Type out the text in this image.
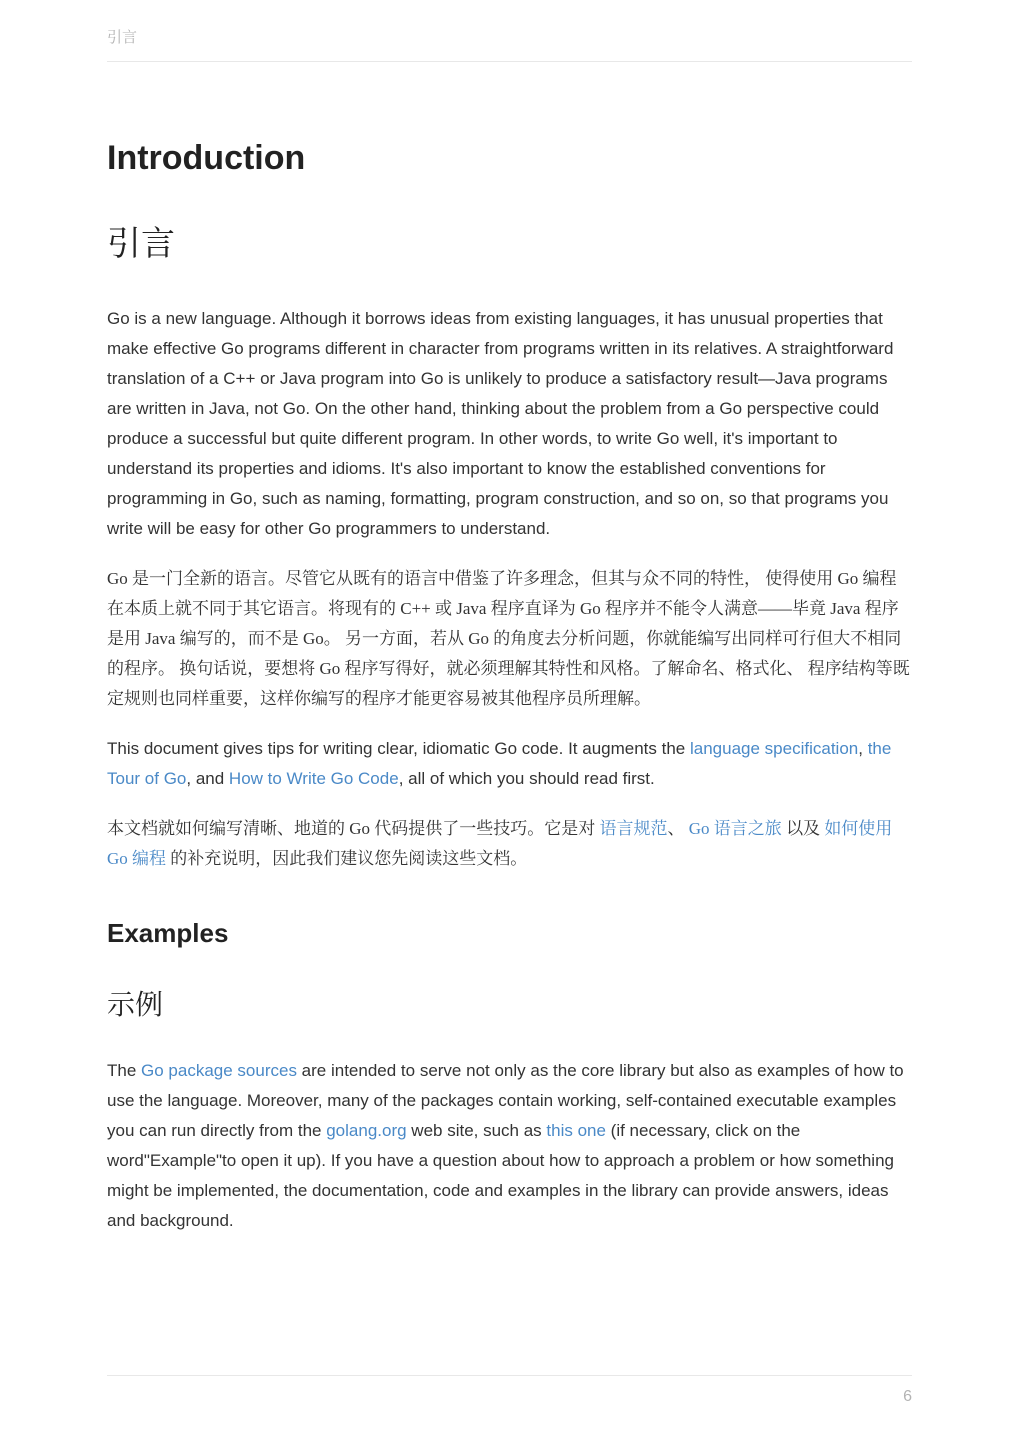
引言
Introduction
引言

Go is a new language. Although it borrows ideas from existing languages, it has unusual properties that make effective Go programs different in character from programs written in its relatives. A straightforward translation of a C++ or Java program into Go is unlikely to produce a satisfactory result—Java programs are written in Java, not Go. On the other hand, thinking about the problem from a Go perspective could produce a successful but quite different program. In other words, to write Go well, it's important to understand its properties and idioms. It's also important to know the established conventions for programming in Go, such as naming, formatting, program construction, and so on, so that programs you write will be easy for other Go programmers to understand.

Go 是一门全新的语言。尽管它从既有的语言中借鉴了许多理念，但其与众不同的特性， 使得使用 Go 编程在本质上就不同于其它语言。将现有的 C++ 或 Java 程序直译为 Go 程序并不能令人满意——毕竟 Java 程序是用 Java 编写的，而不是 Go。 另一方面，若从 Go 的角度去分析问题，你就能编写出同样可行但大不相同的程序。 换句话说，要想将 Go 程序写得好，就必须理解其特性和风格。了解命名、格式化、 程序结构等既定规则也同样重要，这样你编写的程序才能更容易被其他程序员所理解。

This document gives tips for writing clear, idiomatic Go code. It augments the language specification, the Tour of Go, and How to Write Go Code, all of which you should read first.

本文档就如何编写清晰、地道的 Go 代码提供了一些技巧。它是对 语言规范、 Go 语言之旅 以及 如何使用 Go 编程 的补充说明，因此我们建议您先阅读这些文档。

Examples
示例

The Go package sources are intended to serve not only as the core library but also as examples of how to use the language. Moreover, many of the packages contain working, self-contained executable examples you can run directly from the golang.org web site, such as this one (if necessary, click on the word"Example"to open it up). If you have a question about how to approach a problem or how something might be implemented, the documentation, code and examples in the library can provide answers, ideas and background.

6
